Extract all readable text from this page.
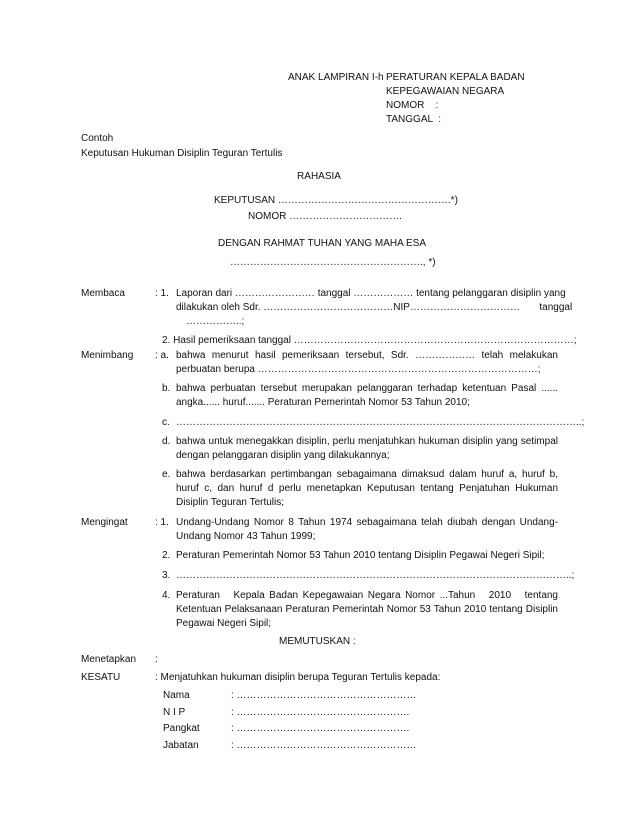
ANAK LAMPIRAN I-h PERATURAN KEPALA BADAN
KEPEGAWAIAN NEGARA
NOMOR    :
TANGGAL  :
Contoh
Keputusan Hukuman Disiplin Teguran Tertulis
RAHASIA
KEPUTUSAN …………………………………………….*)
NOMOR …………………………….
DENGAN RAHMAT TUHAN YANG MAHA ESA
…………………………………………………., *)
Membaca	: 1. Laporan dari …………………… tanggal ……………… tentang pelanggaran disiplin yang
dilakukan oleh Sdr. …………………………………NIP……………………………       tanggal
……………..;
2. Hasil pemeriksaan tanggal …………………………………………………………………………;
Menimbang : a. bahwa menurut hasil pemeriksaan tersebut, Sdr. ……………… telah melakukan
perbuatan berupa …………………………………………………………………………;
b. bahwa perbuatan tersebut merupakan pelanggaran terhadap ketentuan Pasal ......
angka...... huruf....... Peraturan Pemerintah Nomor 53 Tahun 2010;
c. …………………………………………………………………………………………………………..;
d. bahwa untuk menegakkan disiplin, perlu menjatuhkan hukuman disiplin yang setimpal
dengan pelanggaran disiplin yang dilakukannya;
e. bahwa berdasarkan pertimbangan sebagaimana dimaksud dalam huruf a, huruf b,
huruf c, dan huruf d perlu menetapkan Keputusan tentang Penjatuhan Hukuman
Disiplin Teguran Tertulis;
Mengingat	: 1. Undang-Undang Nomor 8 Tahun 1974 sebagaimana telah diubah dengan Undang-
Undang Nomor 43 Tahun 1999;
2. Peraturan Pemerintah Nomor 53 Tahun 2010 tentang Disiplin Pegawai Negeri Sipil;
3. ………………………………………………………………………………………………………..;
4. Peraturan   Kepala Badan Kepegawaian Negara Nomor ...Tahun   2010   tentang
Ketentuan Pelaksanaan Peraturan Pemerintah Nomor 53 Tahun 2010 tentang Disiplin
Pegawai Negeri Sipil;
MEMUTUSKAN :
Menetapkan :
KESATU	: Menjatuhkan hukuman disiplin berupa Teguran Tertulis kepada:
Nama	: ………………………………………………
N I P	: …………………………………………….
Pangkat	: …………………………………………….
Jabatan	: ………………………………………………
